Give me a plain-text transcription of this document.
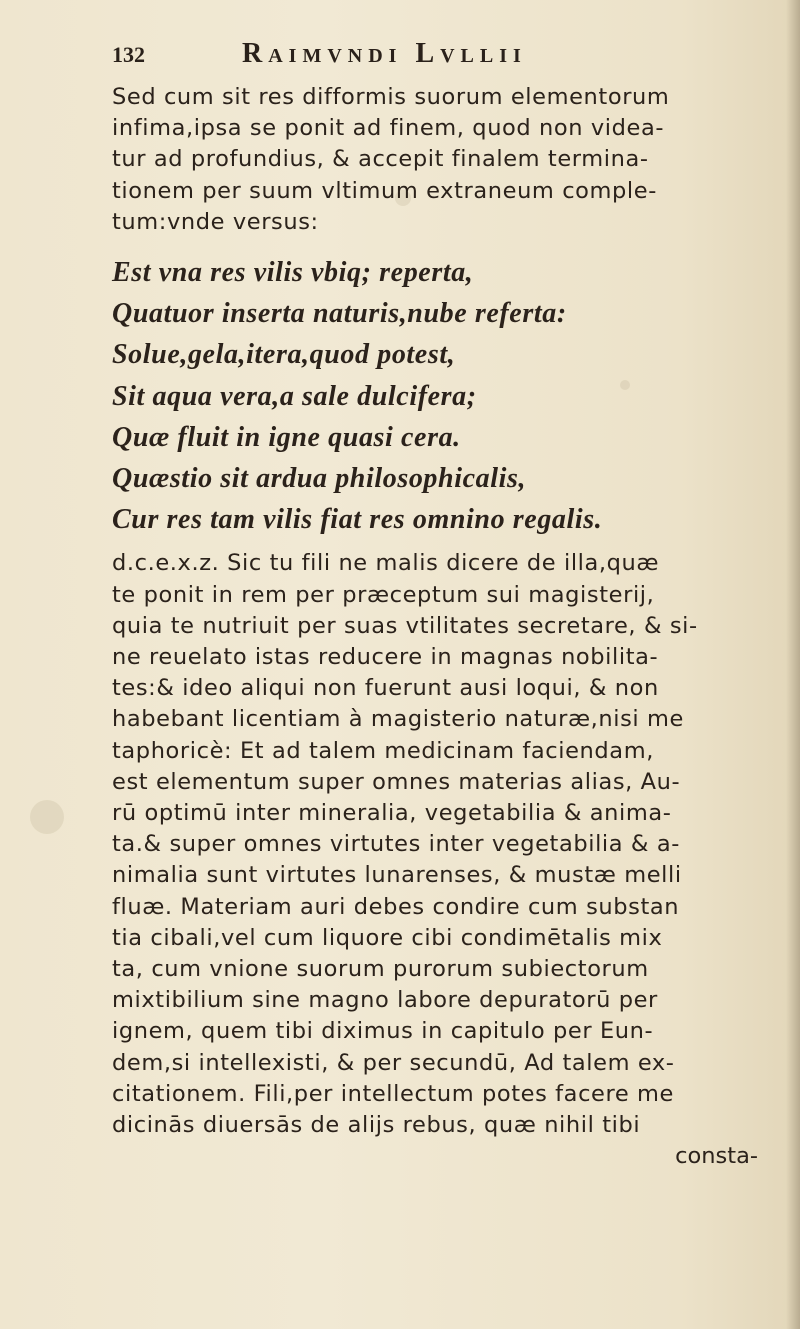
132	Raimvndi Lvllii
Sed cum sit res difformis suorum elementorum
infima,ipsa se ponit ad finem, quod non videa-
tur ad profundius, & accepit finalem termina-
tionem per suum vltimum extraneum comple-
tum:vnde versus:
Est vna res vilis vbiq; reperta,
Quatuor inserta naturis,nube referta:
Solue,gela,itera,quod potest,
Sit aqua vera,a sale dulcifera;
Quæ fluit in igne quasi cera.
Quæstio sit ardua philosophicalis,
Cur res tam vilis fiat res omnino regalis.
d.c.e.x.z. Sic tu fili ne malis dicere de illa,quæ
te ponit in rem per præceptum sui magisterij,
quia te nutriuit per suas vtilitates secretare, & si-
ne reuelato istas reducere in magnas nobilita-
tes:& ideo aliqui non fuerunt ausi loqui, & non
habebant licentiam à magisterio naturæ,nisi me
taphoricè: Et ad talem medicinam faciendam,
est elementum super omnes materias alias, Au-
rū optimū inter mineralia, vegetabilia & anima-
ta.& super omnes virtutes inter vegetabilia & a-
nimalia sunt virtutes lunarenses, & mustæ melli
fluæ. Materiam auri debes condire cum substan
tia cibali,vel cum liquore cibi condimētalis mix
ta, cum vnione suorum purorum subiectorum
mixtibilium sine magno labore depuratorū per
ignem, quem tibi diximus in capitulo per Eun-
dem,si intellexisti, & per secundū, Ad talem ex-
citationem. Fili,per intellectum potes facere me
dicinās diuersās de alijs rebus, quæ nihil tibi
consta-
